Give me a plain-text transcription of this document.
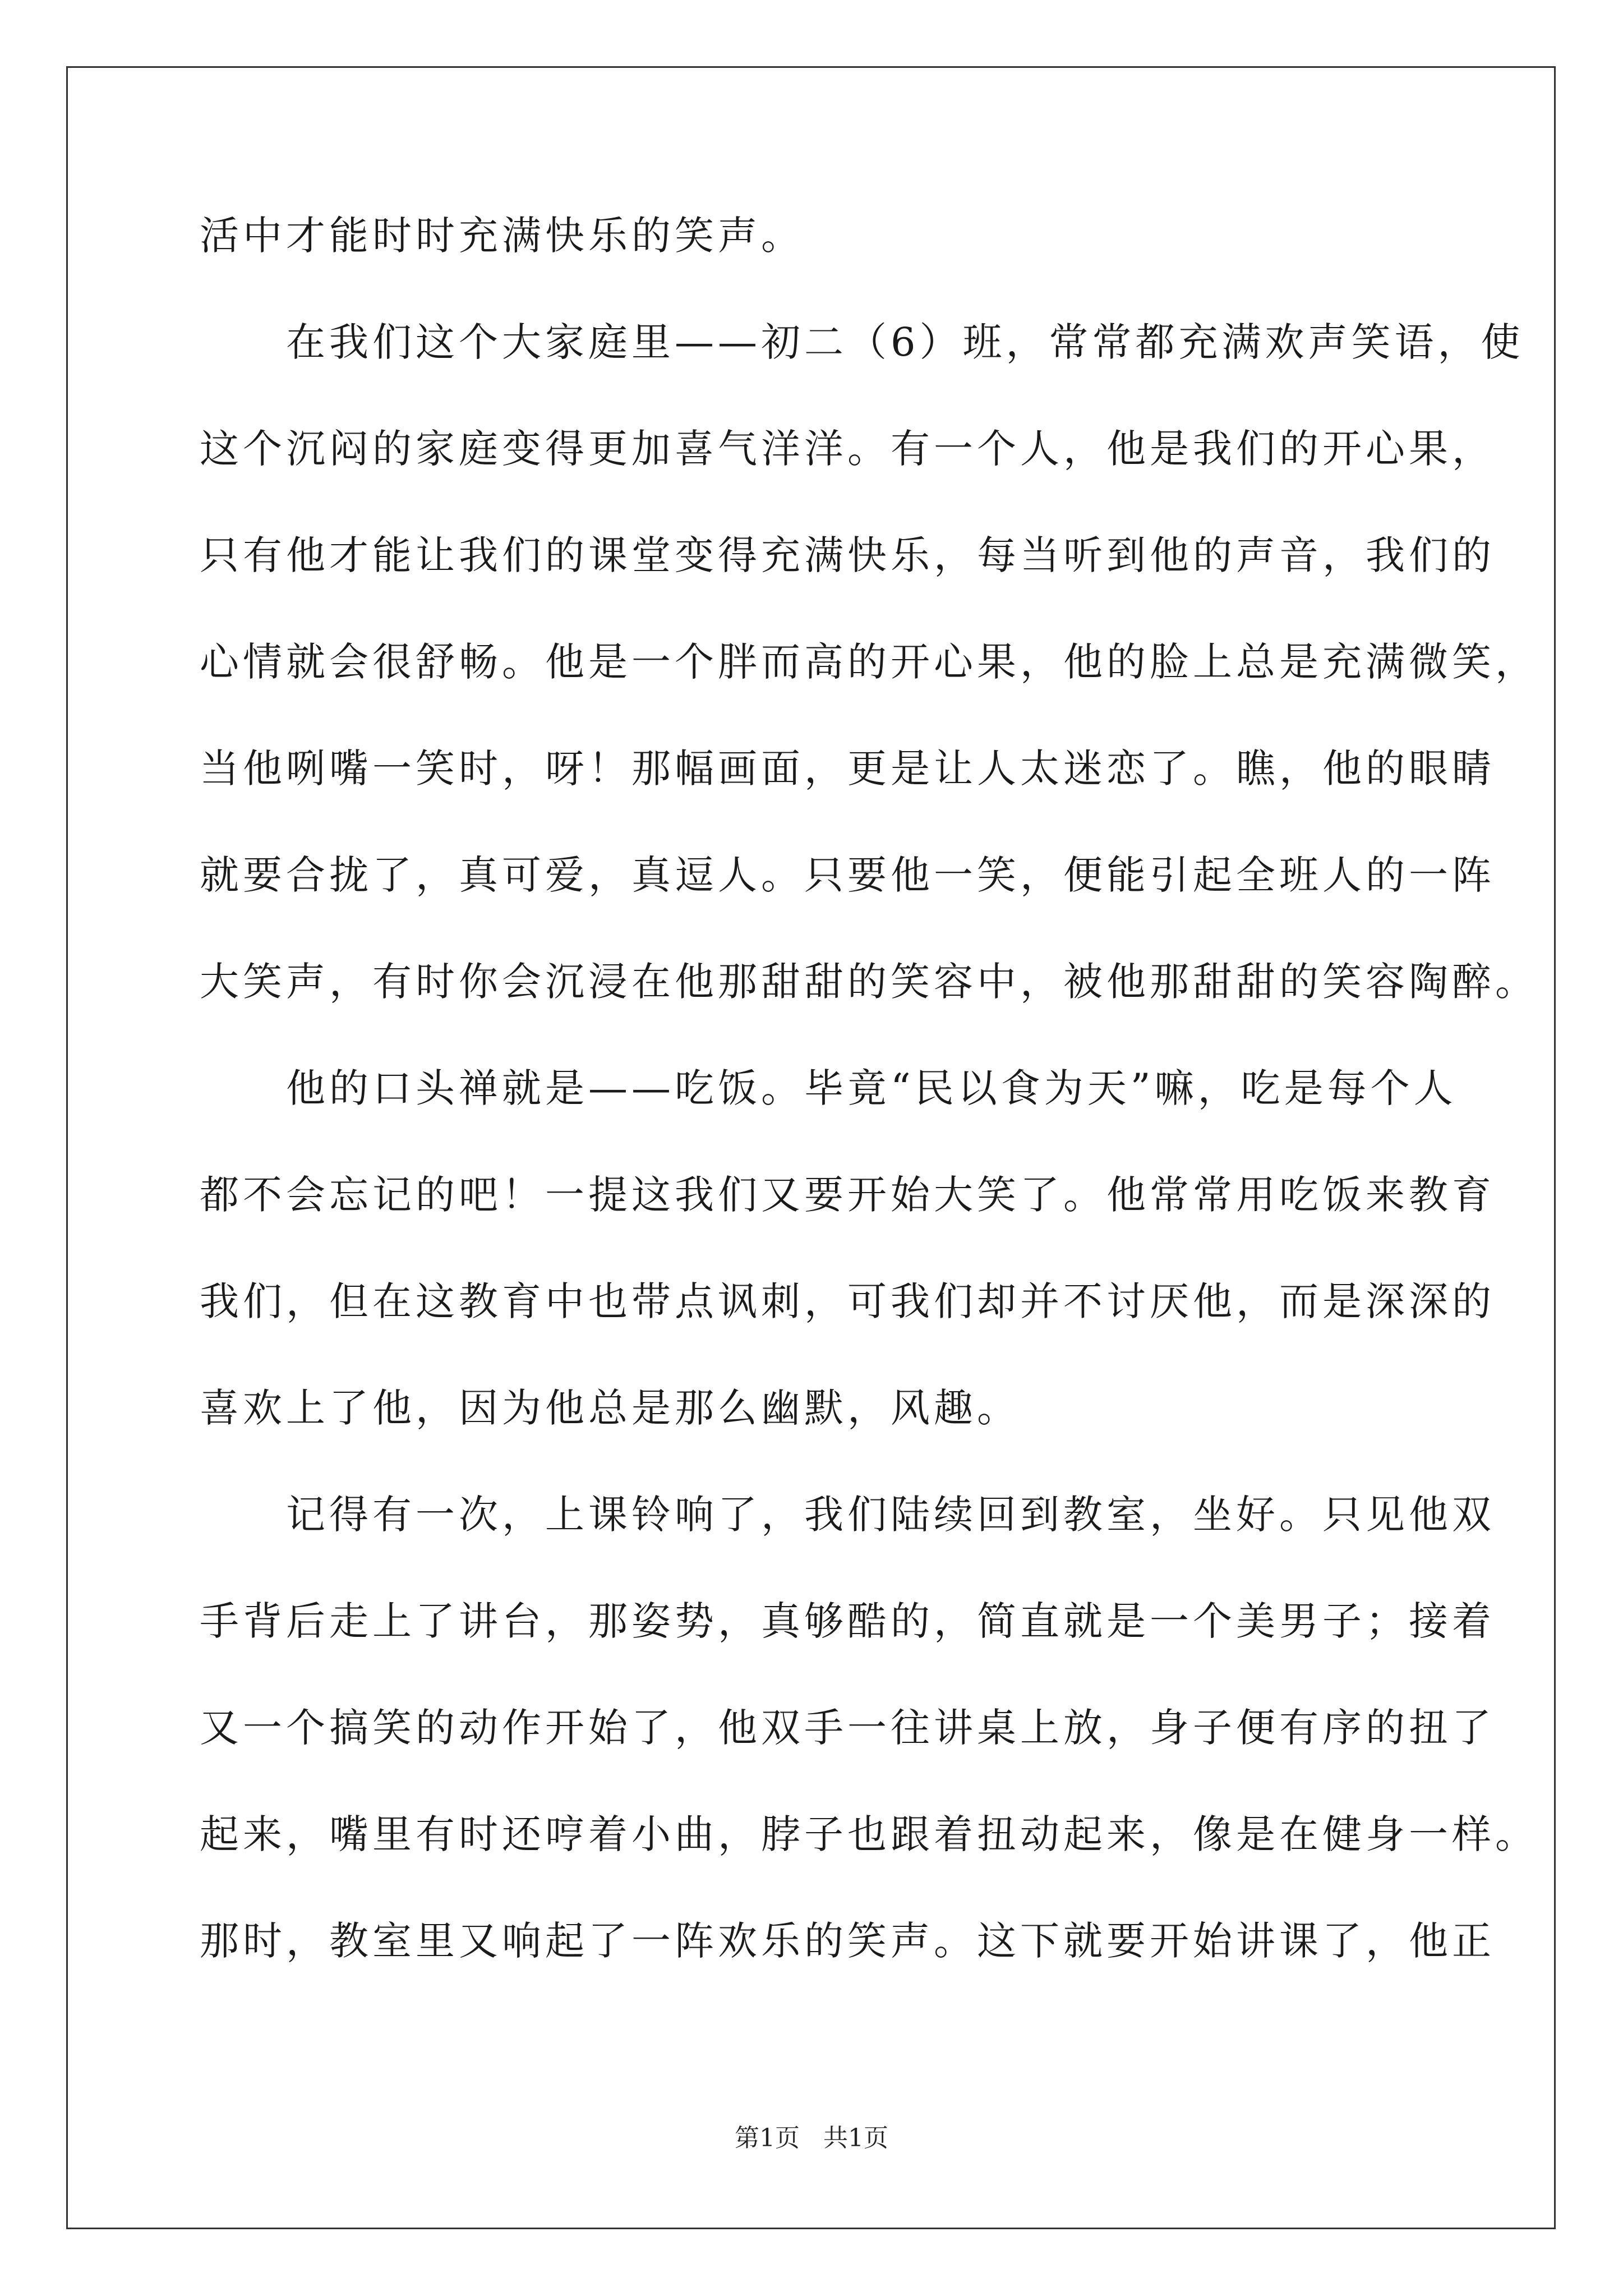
活中才能时时充满快乐的笑声。
　　在我们这个大家庭里——初二（6）班，常常都充满欢声笑语，使
这个沉闷的家庭变得更加喜气洋洋。有一个人，他是我们的开心果，
只有他才能让我们的课堂变得充满快乐，每当听到他的声音，我们的
心情就会很舒畅。他是一个胖而高的开心果，他的脸上总是充满微笑，
当他咧嘴一笑时，呀！那幅画面，更是让人太迷恋了。瞧，他的眼睛
就要合拢了，真可爱，真逗人。只要他一笑，便能引起全班人的一阵
大笑声，有时你会沉浸在他那甜甜的笑容中，被他那甜甜的笑容陶醉。
　　他的口头禅就是——吃饭。毕竟“民以食为天”嘛，吃是每个人
都不会忘记的吧！一提这我们又要开始大笑了。他常常用吃饭来教育
我们，但在这教育中也带点讽刺，可我们却并不讨厌他，而是深深的
喜欢上了他，因为他总是那么幽默，风趣。
　　记得有一次，上课铃响了，我们陆续回到教室，坐好。只见他双
手背后走上了讲台，那姿势，真够酷的，简直就是一个美男子；接着
又一个搞笑的动作开始了，他双手一往讲桌上放，身子便有序的扭了
起来，嘴里有时还哼着小曲，脖子也跟着扭动起来，像是在健身一样。
那时，教室里又响起了一阵欢乐的笑声。这下就要开始讲课了，他正
第1页 共1页
